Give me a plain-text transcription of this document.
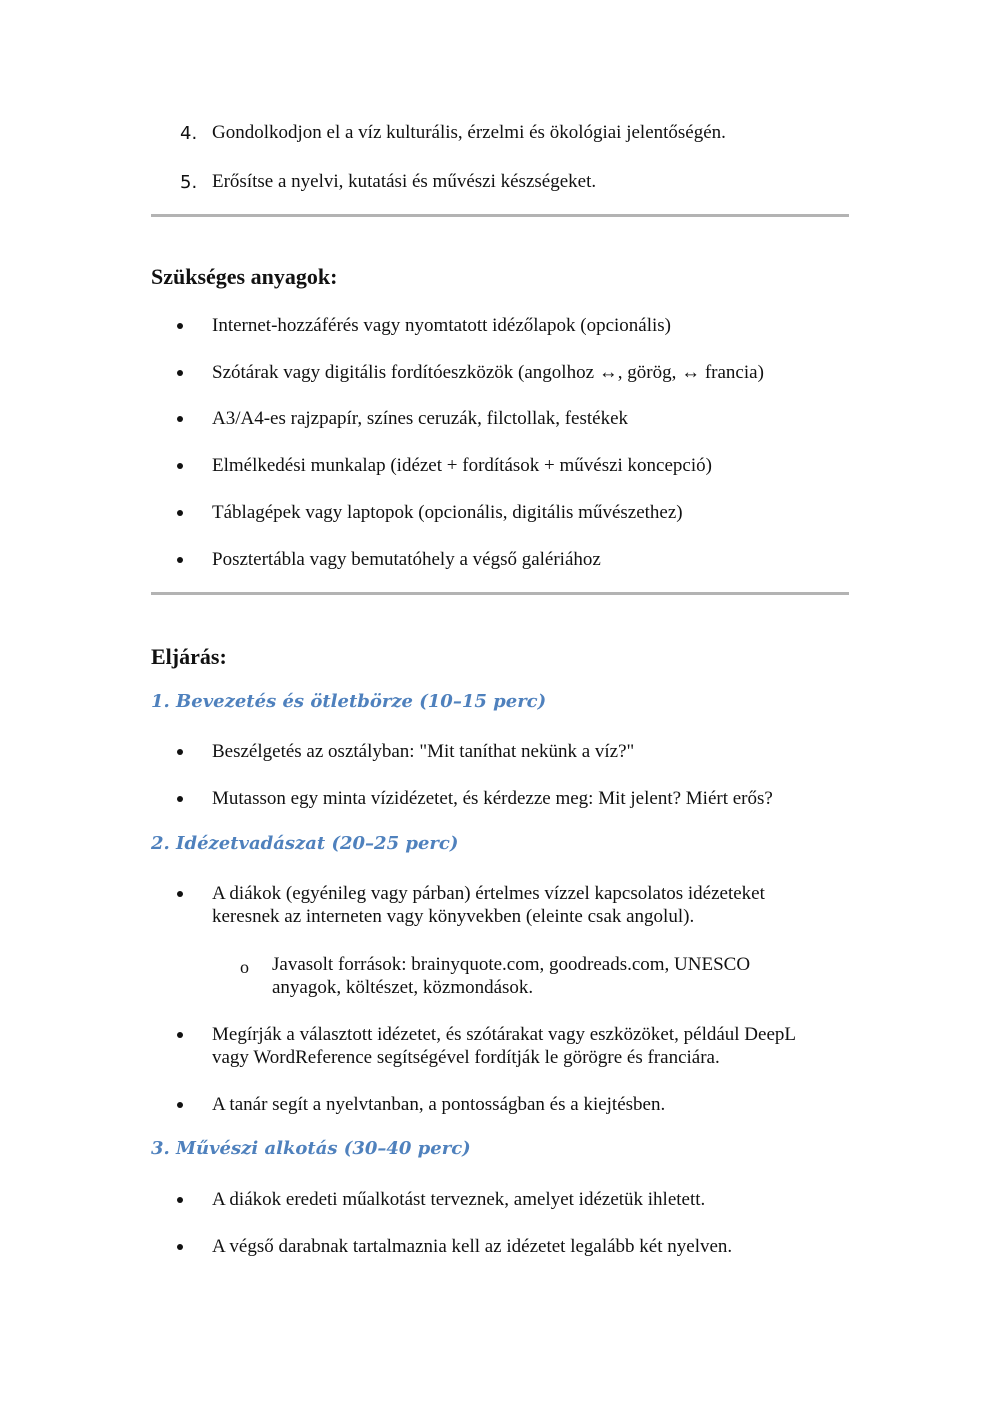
4. Gondolkodjon el a víz kulturális, érzelmi és ökológiai jelentőségén.
5. Erősítse a nyelvi, kutatási és művészi készségeket.
Szükséges anyagok:
Internet-hozzáférés vagy nyomtatott idézőlapok (opcionális)
Szótárak vagy digitális fordítóeszközök (angolhoz ↔, görög, ↔ francia)
A3/A4-es rajzpapír, színes ceruzák, filctollak, festékek
Elmélkedési munkalap (idézet + fordítások + művészi koncepció)
Táblagépek vagy laptopok (opcionális, digitális művészethez)
Posztertábla vagy bemutatóhely a végső galériához
Eljárás:
1. Bevezetés és ötletbörze (10–15 perc)
Beszélgetés az osztályban: "Mit taníthat nekünk a víz?"
Mutasson egy minta vízidézetet, és kérdezze meg: Mit jelent? Miért erős?
2. Idézetvadászat (20–25 perc)
A diákok (egyénileg vagy párban) értelmes vízzel kapcsolatos idézeteket
keresnek az interneten vagy könyvekben (eleinte csak angolul).
o Javasolt források: brainyquote.com, goodreads.com, UNESCO
anyagok, költészet, közmondások.
Megírják a választott idézetet, és szótárakat vagy eszközöket, például DeepL
vagy WordReference segítségével fordítják le görögre és franciára.
A tanár segít a nyelvtanban, a pontosságban és a kiejtésben.
3. Művészi alkotás (30–40 perc)
A diákok eredeti műalkotást terveznek, amelyet idézetük ihletett.
A végső darabnak tartalmaznia kell az idézetet legalább két nyelven.
